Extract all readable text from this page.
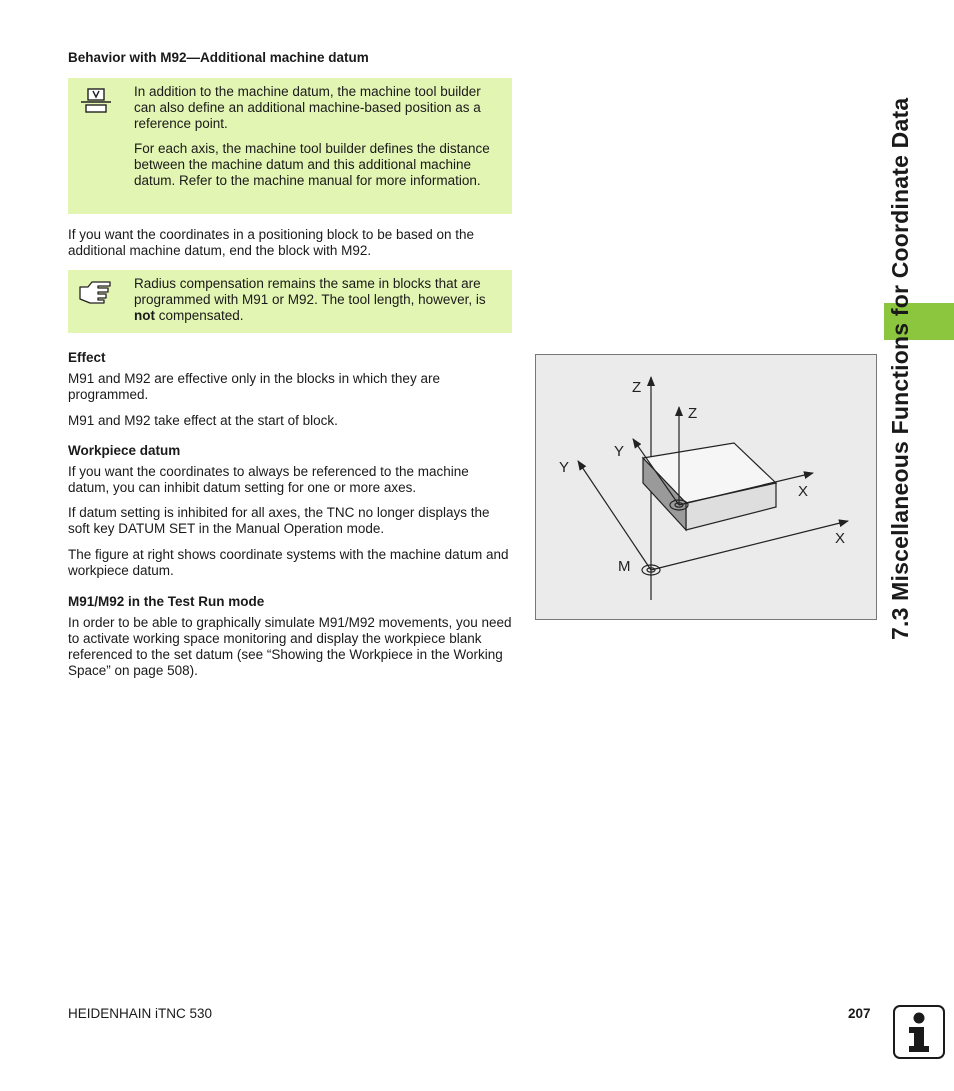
Behavior with M92—Additional machine datum

In addition to the machine datum, the machine tool builder can also define an additional machine-based position as a reference point.

For each axis, the machine tool builder defines the distance between the machine datum and this additional machine datum. Refer to the machine manual for more information.

If you want the coordinates in a positioning block to be based on the additional machine datum, end the block with M92.
Radius compensation remains the same in blocks that are programmed with M91 or M92. The tool length, however, is not compensated.
Effect
M91 and M92 are effective only in the blocks in which they are programmed.
M91 and M92 take effect at the start of block.
Workpiece datum
If you want the coordinates to always be referenced to the machine datum, you can inhibit datum setting for one or more axes.
If datum setting is inhibited for all axes, the TNC no longer displays the soft key DATUM SET in the Manual Operation mode.
The figure at right shows coordinate systems with the machine datum and workpiece datum.
M91/M92 in the Test Run mode
In order to be able to graphically simulate M91/M92 movements, you need to activate working space monitoring and display the workpiece blank referenced to the set datum (see “Showing the Workpiece in the Working Space” on page 508).
Z
Z
Y
Y
X
X
M	7.3 Miscellaneous Functions for Coordinate Data
HEIDENHAIN iTNC 530	207
